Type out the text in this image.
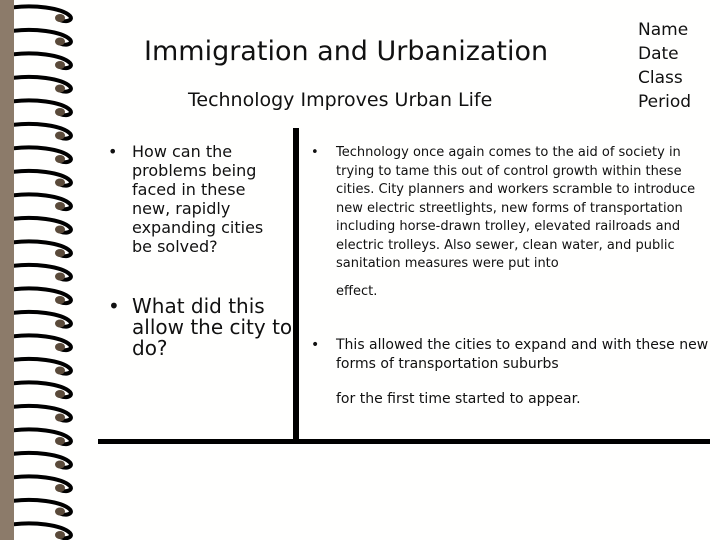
Immigration and Urbanization
Technology Improves Urban Life
Name
Date
Class
Period
• How can the problems being faced in these new, rapidly expanding cities be solved?
• What did this allow the city to do?
• Technology once again comes to the aid of society in trying to tame this out of control growth within these cities. City planners and workers scramble to introduce new electric streetlights, new forms of transportation including horse-drawn trolley, elevated railroads and electric trolleys. Also sewer, clean water, and public sanitation measures were put into
effect.
• This allowed the cities to expand and with these new forms of transportation suburbs
for the first time started to appear.
